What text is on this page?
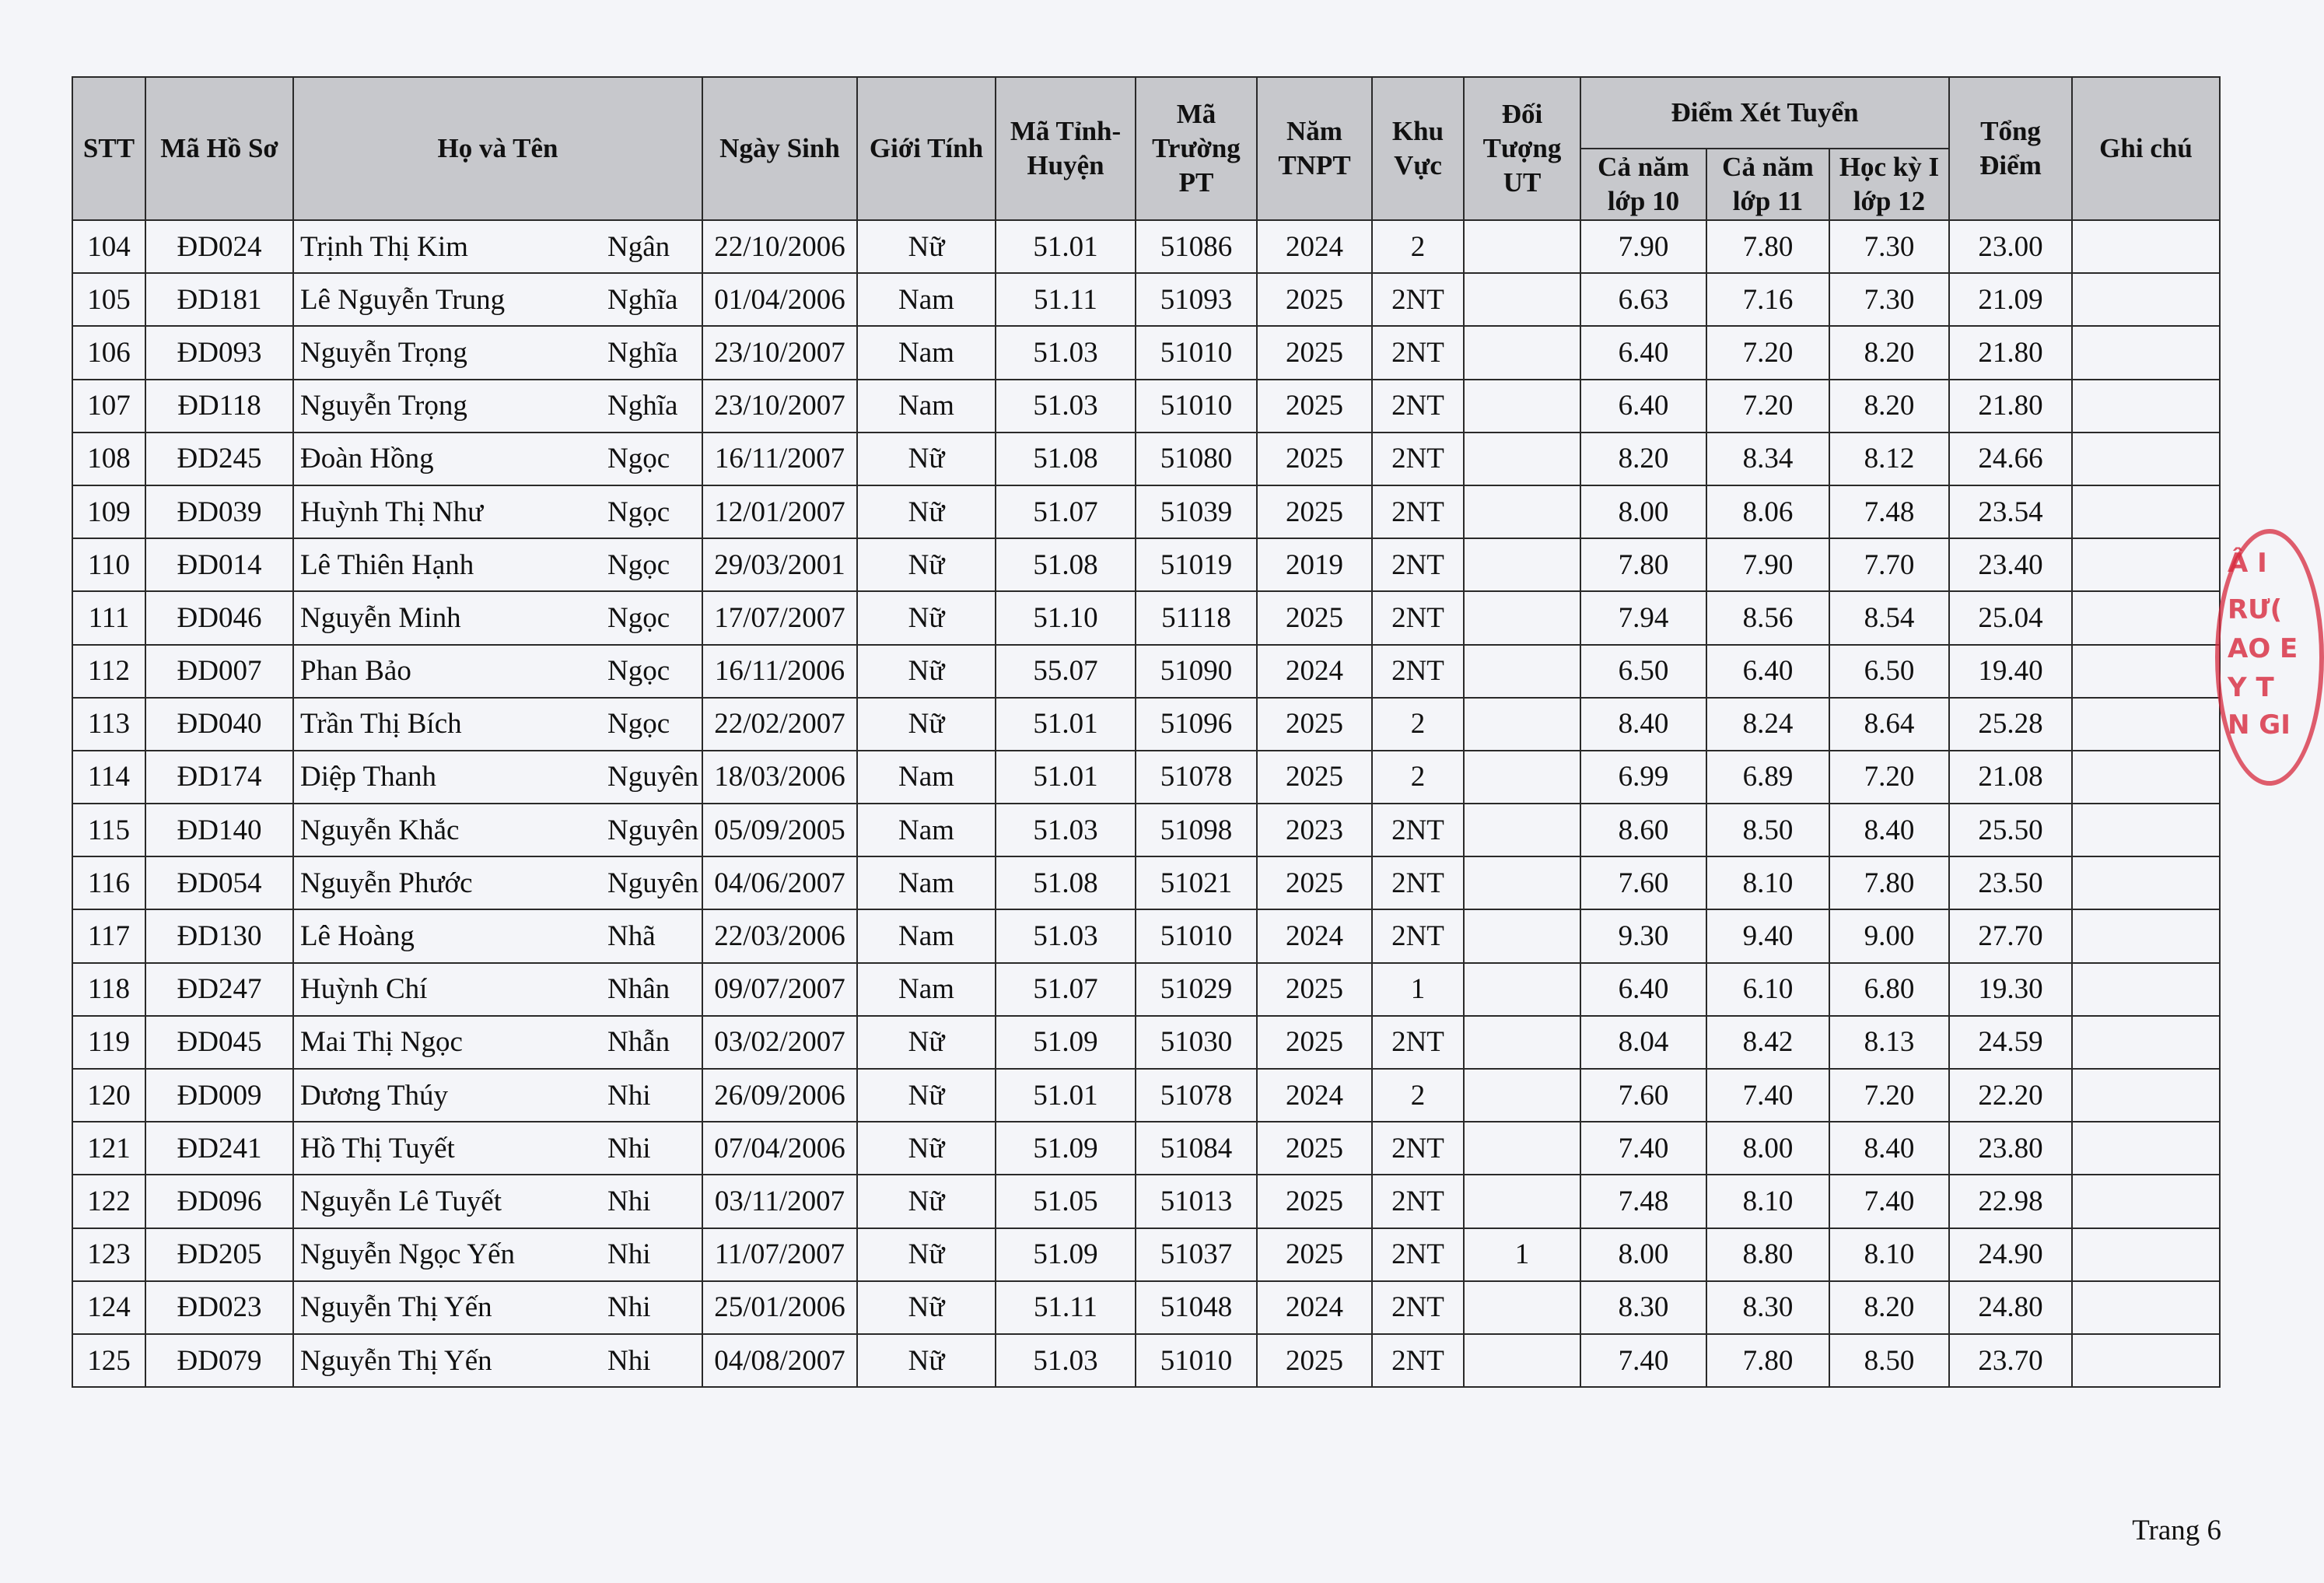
STT	Mã Hồ Sơ	Họ và Tên	Ngày Sinh	Giới Tính	Mã Tỉnh-Huyện	Mã Trường PT	Năm TNPT	Khu Vực	Đối Tượng UT	Điểm Xét Tuyển			Tổng Điểm	Ghi chú
										Cả năm lớp 10	Cả năm lớp 11	Học kỳ I lớp 12		
104	ĐD024	Trịnh Thị Kim Ngân	22/10/2006	Nữ	51.01	51086	2024	2		7.90	7.80	7.30	23.00	
105	ĐD181	Lê Nguyễn Trung Nghĩa	01/04/2006	Nam	51.11	51093	2025	2NT		6.63	7.16	7.30	21.09	
106	ĐD093	Nguyễn Trọng Nghĩa	23/10/2007	Nam	51.03	51010	2025	2NT		6.40	7.20	8.20	21.80	
107	ĐD118	Nguyễn Trọng Nghĩa	23/10/2007	Nam	51.03	51010	2025	2NT		6.40	7.20	8.20	21.80	
108	ĐD245	Đoàn Hồng Ngọc	16/11/2007	Nữ	51.08	51080	2025	2NT		8.20	8.34	8.12	24.66	
109	ĐD039	Huỳnh Thị Như Ngọc	12/01/2007	Nữ	51.07	51039	2025	2NT		8.00	8.06	7.48	23.54	
110	ĐD014	Lê Thiên Hạnh Ngọc	29/03/2001	Nữ	51.08	51019	2019	2NT		7.80	7.90	7.70	23.40	
111	ĐD046	Nguyễn Minh Ngọc	17/07/2007	Nữ	51.10	51118	2025	2NT		7.94	8.56	8.54	25.04	
112	ĐD007	Phan Bảo Ngọc	16/11/2006	Nữ	55.07	51090	2024	2NT		6.50	6.40	6.50	19.40	
113	ĐD040	Trần Thị Bích Ngọc	22/02/2007	Nữ	51.01	51096	2025	2		8.40	8.24	8.64	25.28	
114	ĐD174	Diệp Thanh Nguyên	18/03/2006	Nam	51.01	51078	2025	2		6.99	6.89	7.20	21.08	
115	ĐD140	Nguyễn Khắc Nguyên	05/09/2005	Nam	51.03	51098	2023	2NT		8.60	8.50	8.40	25.50	
116	ĐD054	Nguyễn Phước Nguyên	04/06/2007	Nam	51.08	51021	2025	2NT		7.60	8.10	7.80	23.50	
117	ĐD130	Lê Hoàng Nhã	22/03/2006	Nam	51.03	51010	2024	2NT		9.30	9.40	9.00	27.70	
118	ĐD247	Huỳnh Chí Nhân	09/07/2007	Nam	51.07	51029	2025	1		6.40	6.10	6.80	19.30	
119	ĐD045	Mai Thị Ngọc Nhẫn	03/02/2007	Nữ	51.09	51030	2025	2NT		8.04	8.42	8.13	24.59	
120	ĐD009	Dương Thúy Nhi	26/09/2006	Nữ	51.01	51078	2024	2		7.60	7.40	7.20	22.20	
121	ĐD241	Hồ Thị Tuyết Nhi	07/04/2006	Nữ	51.09	51084	2025	2NT		7.40	8.00	8.40	23.80	
122	ĐD096	Nguyễn Lê Tuyết Nhi	03/11/2007	Nữ	51.05	51013	2025	2NT		7.48	8.10	7.40	22.98	
123	ĐD205	Nguyễn Ngọc Yến Nhi	11/07/2007	Nữ	51.09	51037	2025	2NT	1	8.00	8.80	8.10	24.90	
124	ĐD023	Nguyễn Thị Yến Nhi	25/01/2006	Nữ	51.11	51048	2024	2NT		8.30	8.30	8.20	24.80	
125	ĐD079	Nguyễn Thị Yến Nhi	04/08/2007	Nữ	51.03	51010	2025	2NT		7.40	7.80	8.50	23.70	
Â I
RƯ(
AO E
Y T
N GI
Trang 6
